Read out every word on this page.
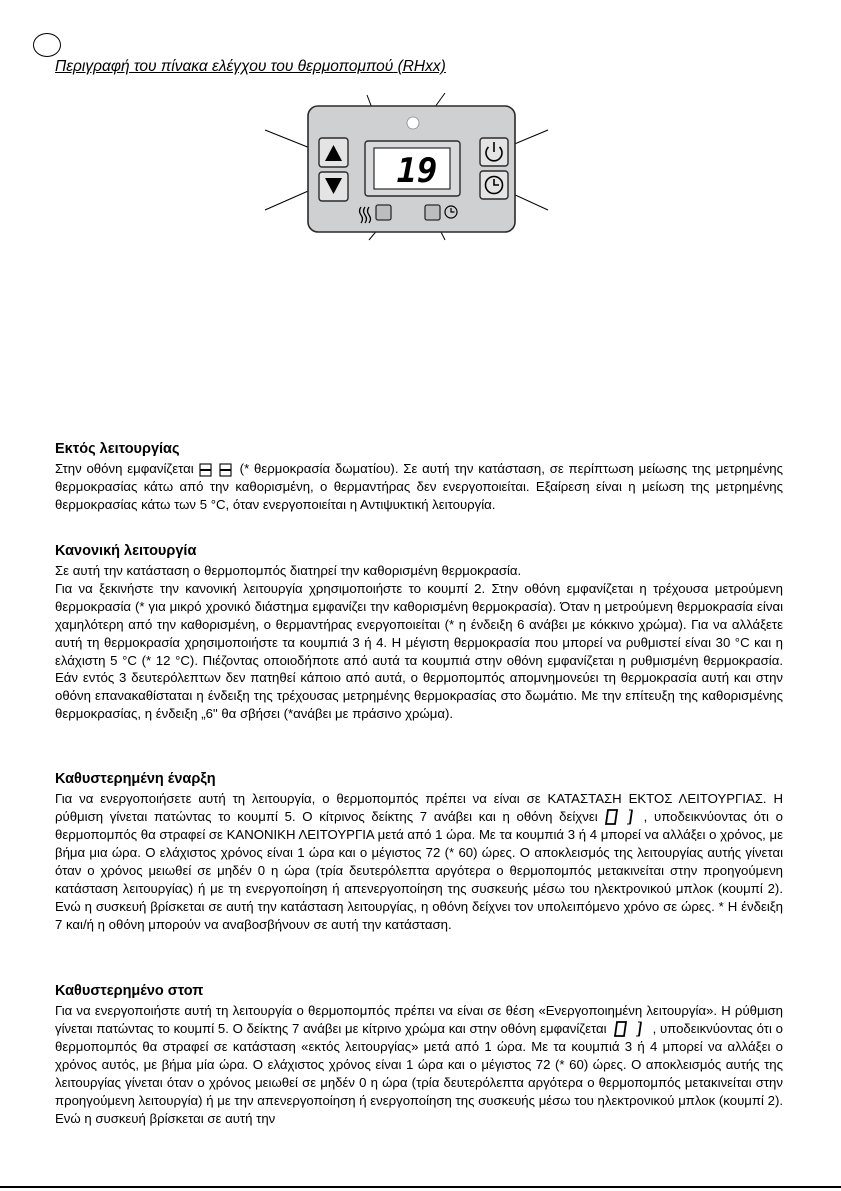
Περιγραφή του πίνακα ελέγχου του θερμοπομπού (RHxx)
19
Εκτός λειτουργίας

Στην οθόνη εμφανίζεται	(* θερμοκρασία δωματίου). Σε αυτή την κατάσταση, σε περίπτωση μείωσης της μετρημένης θερμοκρασίας κάτω από την καθορισμένη, ο θερμαντήρας δεν ενεργοποιείται. Εξαίρεση είναι η μείωση της μετρημένης θερμοκρασίας κάτω των 5 °C, όταν ενεργοποιείται η Αντιψυκτική λειτουργία.

Κανονική λειτουργία

Σε αυτή την κατάσταση ο θερμοπομπός διατηρεί την καθορισμένη θερμοκρασία.

Για να ξεκινήστε την κανονική λειτουργία χρησιμοποιήστε το κουμπί 2. Στην οθόνη εμφανίζεται η τρέχουσα μετρούμενη θερμοκρασία (* για μικρό χρονικό διάστημα εμφανίζει την καθορισμένη θερμοκρασία). Όταν η μετρούμενη θερμοκρασία είναι χαμηλότερη από την καθορισμένη, ο θερμαντήρας ενεργοποιείται (* η ένδειξη 6 ανάβει με κόκκινο χρώμα). Για να αλλάξετε αυτή τη θερμοκρασία χρησιμοποιήστε τα κουμπιά 3 ή 4. Η μέγιστη θερμοκρασία που μπορεί να ρυθμιστεί είναι 30 °C και η ελάχιστη 5 °C (* 12 °C). Πιέζοντας οποιοδήποτε από αυτά τα κουμπιά στην οθόνη εμφανίζεται η ρυθμισμένη θερμοκρασία. Εάν εντός 3 δευτερόλεπτων δεν πατηθεί κάποιο από αυτά, ο θερμοπομπός απομνημονεύει τη θερμοκρασία αυτή και στην οθόνη επανακαθίσταται η ένδειξη της τρέχουσας μετρημένης θερμοκρασίας στο δωμάτιο. Με την επίτευξη της καθορισμένης θερμοκρασίας, η ένδειξη „6" θα σβήσει (*ανάβει με πράσινο χρώμα).

Καθυστερημένη έναρξη

Για να ενεργοποιήσετε αυτή τη λειτουργία, ο θερμοπομπός πρέπει να είναι σε ΚΑΤΑΣΤΑΣΗ ΕΚΤΟΣ ΛΕΙΤΟΥΡΓΙΑΣ. Η ρύθμιση γίνεται πατώντας το κουμπί 5. Ο κίτρινος δείκτης 7 ανάβει και η οθόνη δείχνει	, υποδεικνύοντας ότι ο θερμοπομπός θα στραφεί σε ΚΑΝΟΝΙΚΗ ΛΕΙΤΟΥΡΓΙΑ μετά από 1 ώρα. Με τα κουμπιά 3 ή 4 μπορεί να αλλάξει ο χρόνος, με βήμα μια ώρα. Ο ελάχιστος χρόνος είναι 1 ώρα και ο μέγιστος 72 (* 60) ώρες. Ο αποκλεισμός της λειτουργίας αυτής γίνεται όταν ο χρόνος μειωθεί σε μηδέν 0 η ώρα (τρία δευτερόλεπτα αργότερα ο θερμοπομπός μετακινείται στην προηγούμενη κατάσταση λειτουργίας) ή με τη ενεργοποίηση ή απενεργοποίηση της συσκευής μέσω του ηλεκτρονικού μπλοκ (κουμπί 2). Ενώ η συσκευή βρίσκεται σε αυτή την κατάσταση λειτουργίας, η οθόνη δείχνει τον υπολειπόμενο χρόνο σε ώρες. * Η ένδειξη 7 και/ή η οθόνη μπορούν να αναβοσβήνουν σε αυτή την κατάσταση.

Καθυστερημένο στοπ

Για να ενεργοποιήστε αυτή τη λειτουργία ο θερμοπομπός πρέπει να είναι σε θέση «Ενεργοποιημένη λειτουργία». Η ρύθμιση γίνεται πατώντας το κουμπί 5. Ο δείκτης 7 ανάβει με κίτρινο χρώμα και στην οθόνη εμφανίζεται	, υποδεικνύοντας ότι ο θερμοπομπός θα στραφεί σε κατάσταση «εκτός λειτουργίας» μετά από 1 ώρα. Με τα κουμπιά 3 ή 4 μπορεί να αλλάξει ο χρόνος αυτός, με βήμα μία ώρα. Ο ελάχιστος χρόνος είναι 1 ώρα και ο μέγιστος 72 (* 60) ώρες. Ο αποκλεισμός αυτής της λειτουργίας γίνεται όταν ο χρόνος μειωθεί σε μηδέν 0 η ώρα (τρία δευτερόλεπτα αργότερα ο θερμοπομπός μετακινείται στην προηγούμενη λειτουργία) ή με την απενεργοποίηση ή ενεργοποίηση της συσκευής μέσω του ηλεκτρονικού μπλοκ (κουμπί 2). Ενώ η συσκευή βρίσκεται σε αυτή την
